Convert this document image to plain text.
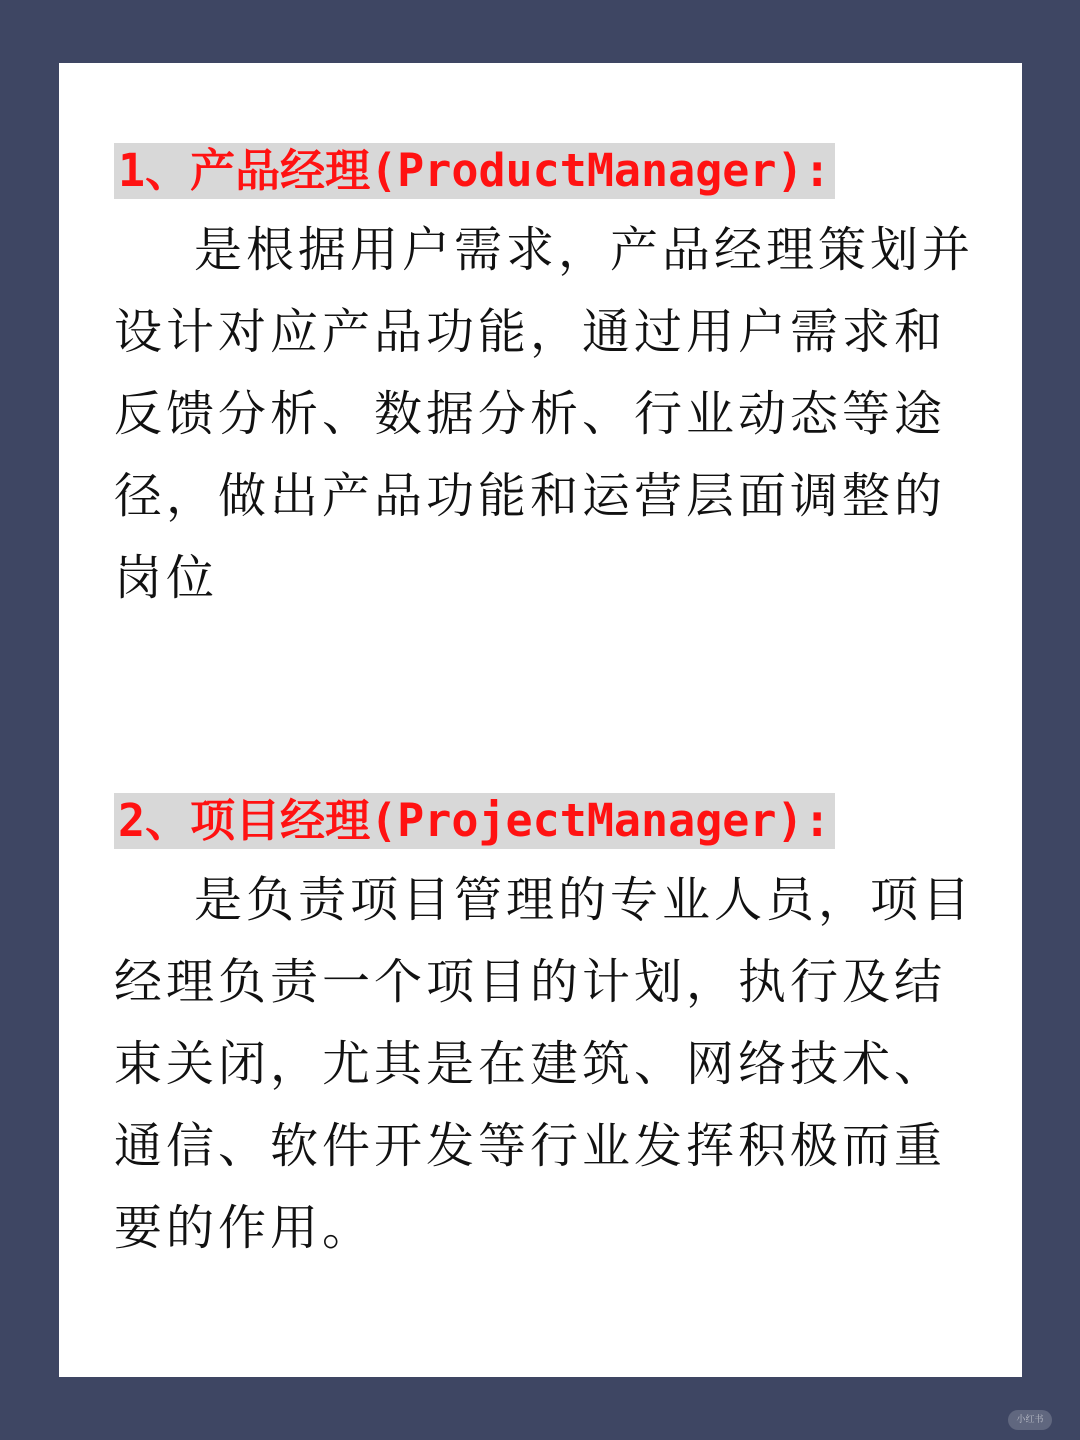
1、产品经理(ProductManager):

是根据用户需求，产品经理策划并设计对应产品功能，通过用户需求和反馈分析、数据分析、行业动态等途径，做出产品功能和运营层面调整的岗位

2、项目经理(ProjectManager):

是负责项目管理的专业人员，项目经理负责一个项目的计划，执行及结束关闭，尤其是在建筑、网络技术、通信、软件开发等行业发挥积极而重要的作用。

小红书
